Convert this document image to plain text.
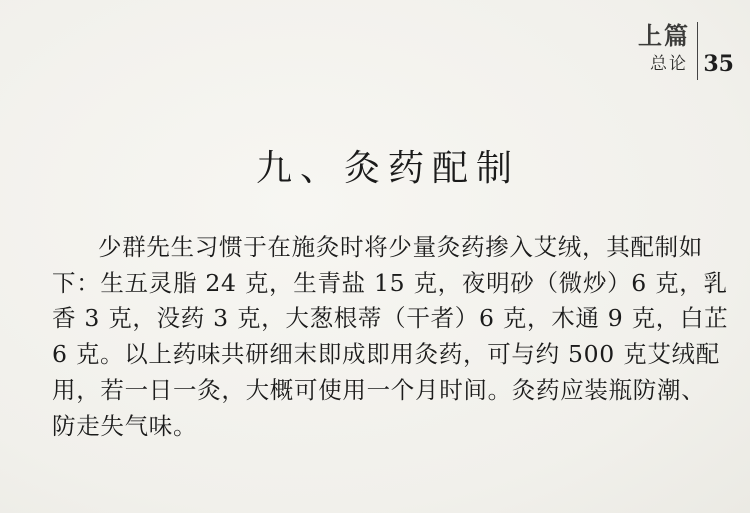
上篇
总论 35
九、灸药配制
少群先生习惯于在施灸时将少量灸药掺入艾绒，其配制如
下：生五灵脂 24 克，生青盐 15 克，夜明砂（微炒）6 克，乳
香 3 克，没药 3 克，大葱根蒂（干者）6 克，木通 9 克，白芷
6 克。以上药味共研细末即成即用灸药，可与约 500 克艾绒配
用，若一日一灸，大概可使用一个月时间。灸药应装瓶防潮、
防走失气味。
